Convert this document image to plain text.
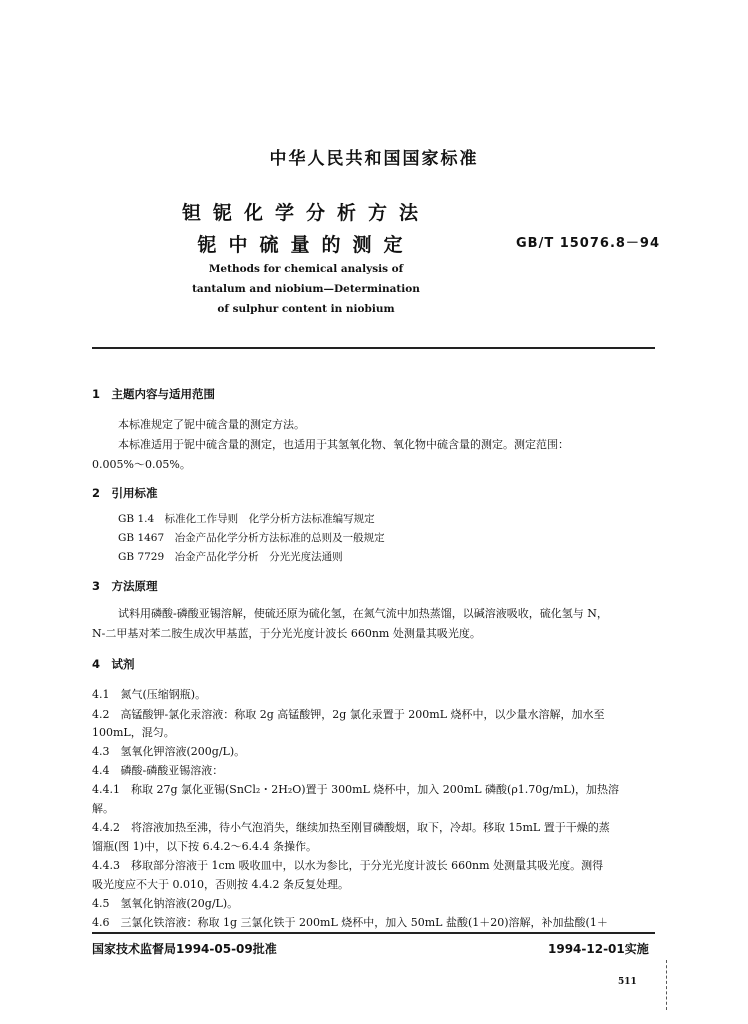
中华人民共和国国家标准
钽铌化学分析方法
铌中硫量的测定	GB/T 15076.8－94
Methods for chemical analysis of
tantalum and niobium—Determination
of sulphur content in niobium
1　主题内容与适用范围
本标准规定了铌中硫含量的测定方法。
本标准适用于铌中硫含量的测定，也适用于其氢氧化物、氧化物中硫含量的测定。测定范围：
0.005%～0.05%。
2　引用标准
GB 1.4　标准化工作导则　化学分析方法标准编写规定
GB 1467　冶金产品化学分析方法标准的总则及一般规定
GB 7729　冶金产品化学分析　分光光度法通则
3　方法原理
试料用磷酸-磷酸亚锡溶解，使硫还原为硫化氢，在氮气流中加热蒸馏，以碱溶液吸收，硫化氢与 N，
N-二甲基对苯二胺生成次甲基蓝，于分光光度计波长 660nm 处测量其吸光度。
4　试剂
4.1　氮气(压缩钢瓶)。
4.2　高锰酸钾-氯化汞溶液：称取 2g 高锰酸钾，2g 氯化汞置于 200mL 烧杯中，以少量水溶解，加水至
100mL，混匀。
4.3　氢氧化钾溶液(200g/L)。
4.4　磷酸-磷酸亚锡溶液：
4.4.1　称取 27g 氯化亚锡(SnCl₂・2H₂O)置于 300mL 烧杯中，加入 200mL 磷酸(ρ1.70g/mL)，加热溶
解。
4.4.2　将溶液加热至沸，待小气泡消失，继续加热至刚冒磷酸烟，取下，冷却。移取 15mL 置于干燥的蒸
馏瓶(图 1)中，以下按 6.4.2～6.4.4 条操作。
4.4.3　移取部分溶液于 1cm 吸收皿中，以水为参比，于分光光度计波长 660nm 处测量其吸光度。测得
吸光度应不大于 0.010，否则按 4.4.2 条反复处理。
4.5　氢氧化钠溶液(20g/L)。
4.6　三氯化铁溶液：称取 1g 三氯化铁于 200mL 烧杯中，加入 50mL 盐酸(1＋20)溶解，补加盐酸(1＋
国家技术监督局1994-05-09批准	1994-12-01实施
511
